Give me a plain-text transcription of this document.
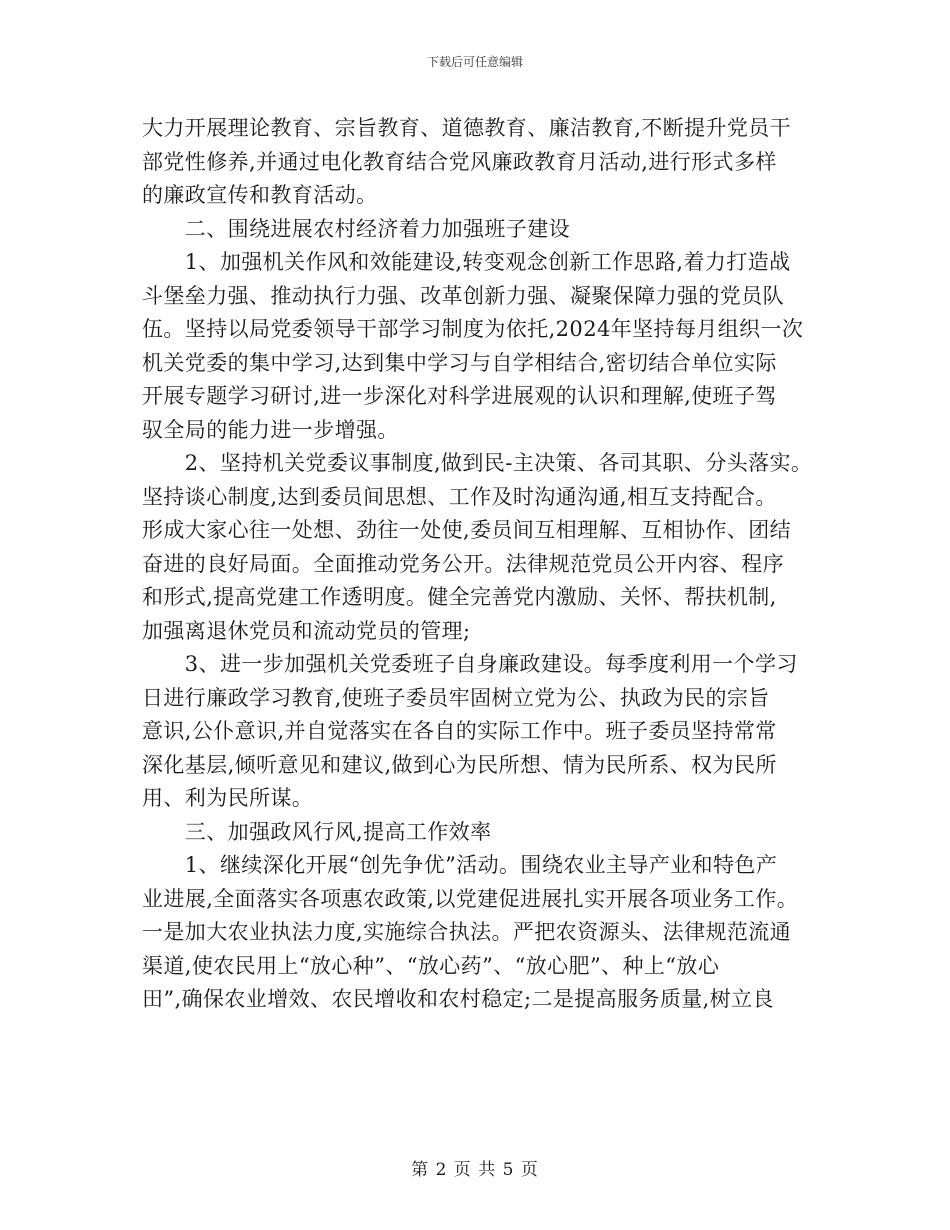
下载后可任意编辑

大力开展理论教育、宗旨教育、道德教育、廉洁教育,不断提升党员干

部党性修养,并通过电化教育结合党风廉政教育月活动,进行形式多样

的廉政宣传和教育活动。

　　二、围绕进展农村经济着力加强班子建设

　　1、加强机关作风和效能建设,转变观念创新工作思路,着力打造战

斗堡垒力强、推动执行力强、改革创新力强、凝聚保障力强的党员队

伍。坚持以局党委领导干部学习制度为依托,2024年坚持每月组织一次

机关党委的集中学习,达到集中学习与自学相结合,密切结合单位实际

开展专题学习研讨,进一步深化对科学进展观的认识和理解,使班子驾

驭全局的能力进一步增强。

　　2、坚持机关党委议事制度,做到民-主决策、各司其职、分头落实。

坚持谈心制度,达到委员间思想、工作及时沟通沟通,相互支持配合。

形成大家心往一处想、劲往一处使,委员间互相理解、互相协作、团结

奋进的良好局面。全面推动党务公开。法律规范党员公开内容、程序

和形式,提高党建工作透明度。健全完善党内激励、关怀、帮扶机制,

加强离退休党员和流动党员的管理;

　　3、进一步加强机关党委班子自身廉政建设。每季度利用一个学习

日进行廉政学习教育,使班子委员牢固树立党为公、执政为民的宗旨

意识,公仆意识,并自觉落实在各自的实际工作中。班子委员坚持常常

深化基层,倾听意见和建议,做到心为民所想、情为民所系、权为民所

用、利为民所谋。

　　三、加强政风行风,提高工作效率

　　1、继续深化开展“创先争优”活动。围绕农业主导产业和特色产

业进展,全面落实各项惠农政策,以党建促进展扎实开展各项业务工作。

一是加大农业执法力度,实施综合执法。严把农资源头、法律规范流通

渠道,使农民用上“放心种”、“放心药”、“放心肥”、种上“放心

田”,确保农业增效、农民增收和农村稳定;二是提高服务质量,树立良

第 2 页 共 5 页
